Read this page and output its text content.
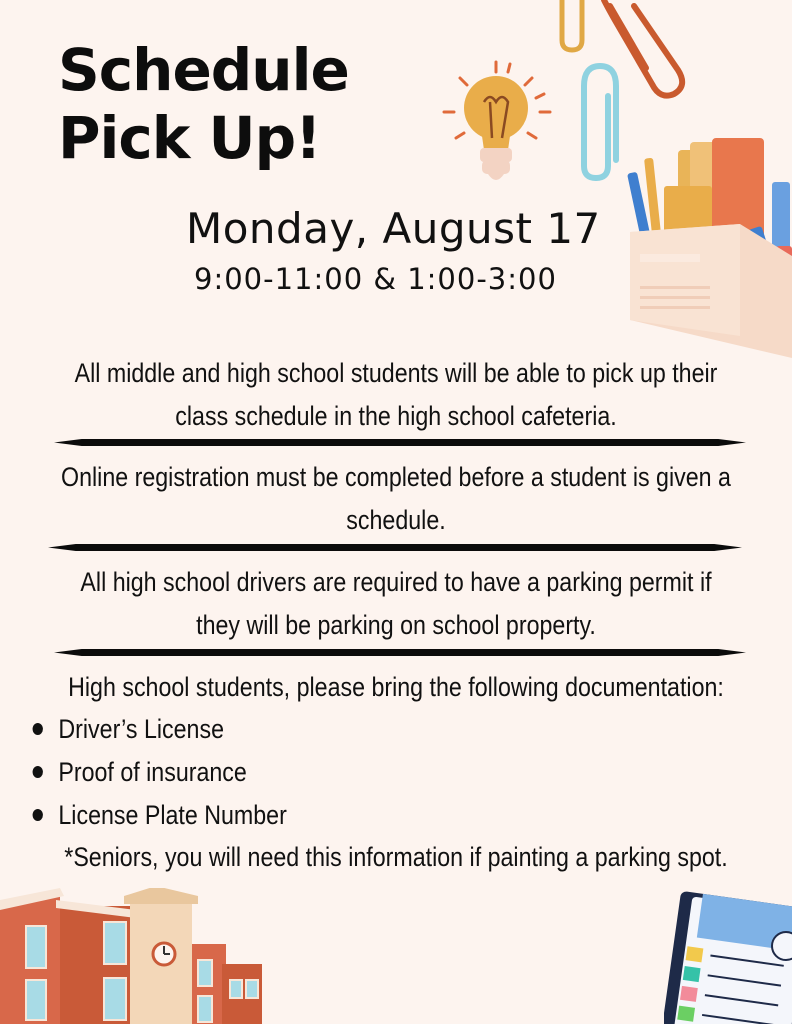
Schedule
Pick Up!
Monday, August 17
9:00-11:00 & 1:00-3:00
All middle and high school students will be able to pick up their class schedule in the high school cafeteria.
Online registration must be completed before a student is given a schedule.
All high school drivers are required to have a parking permit if they will be parking on school property.
High school students, please bring the following documentation:
Driver’s License
Proof of insurance
License Plate Number
*Seniors, you will need this information if painting a parking spot.
